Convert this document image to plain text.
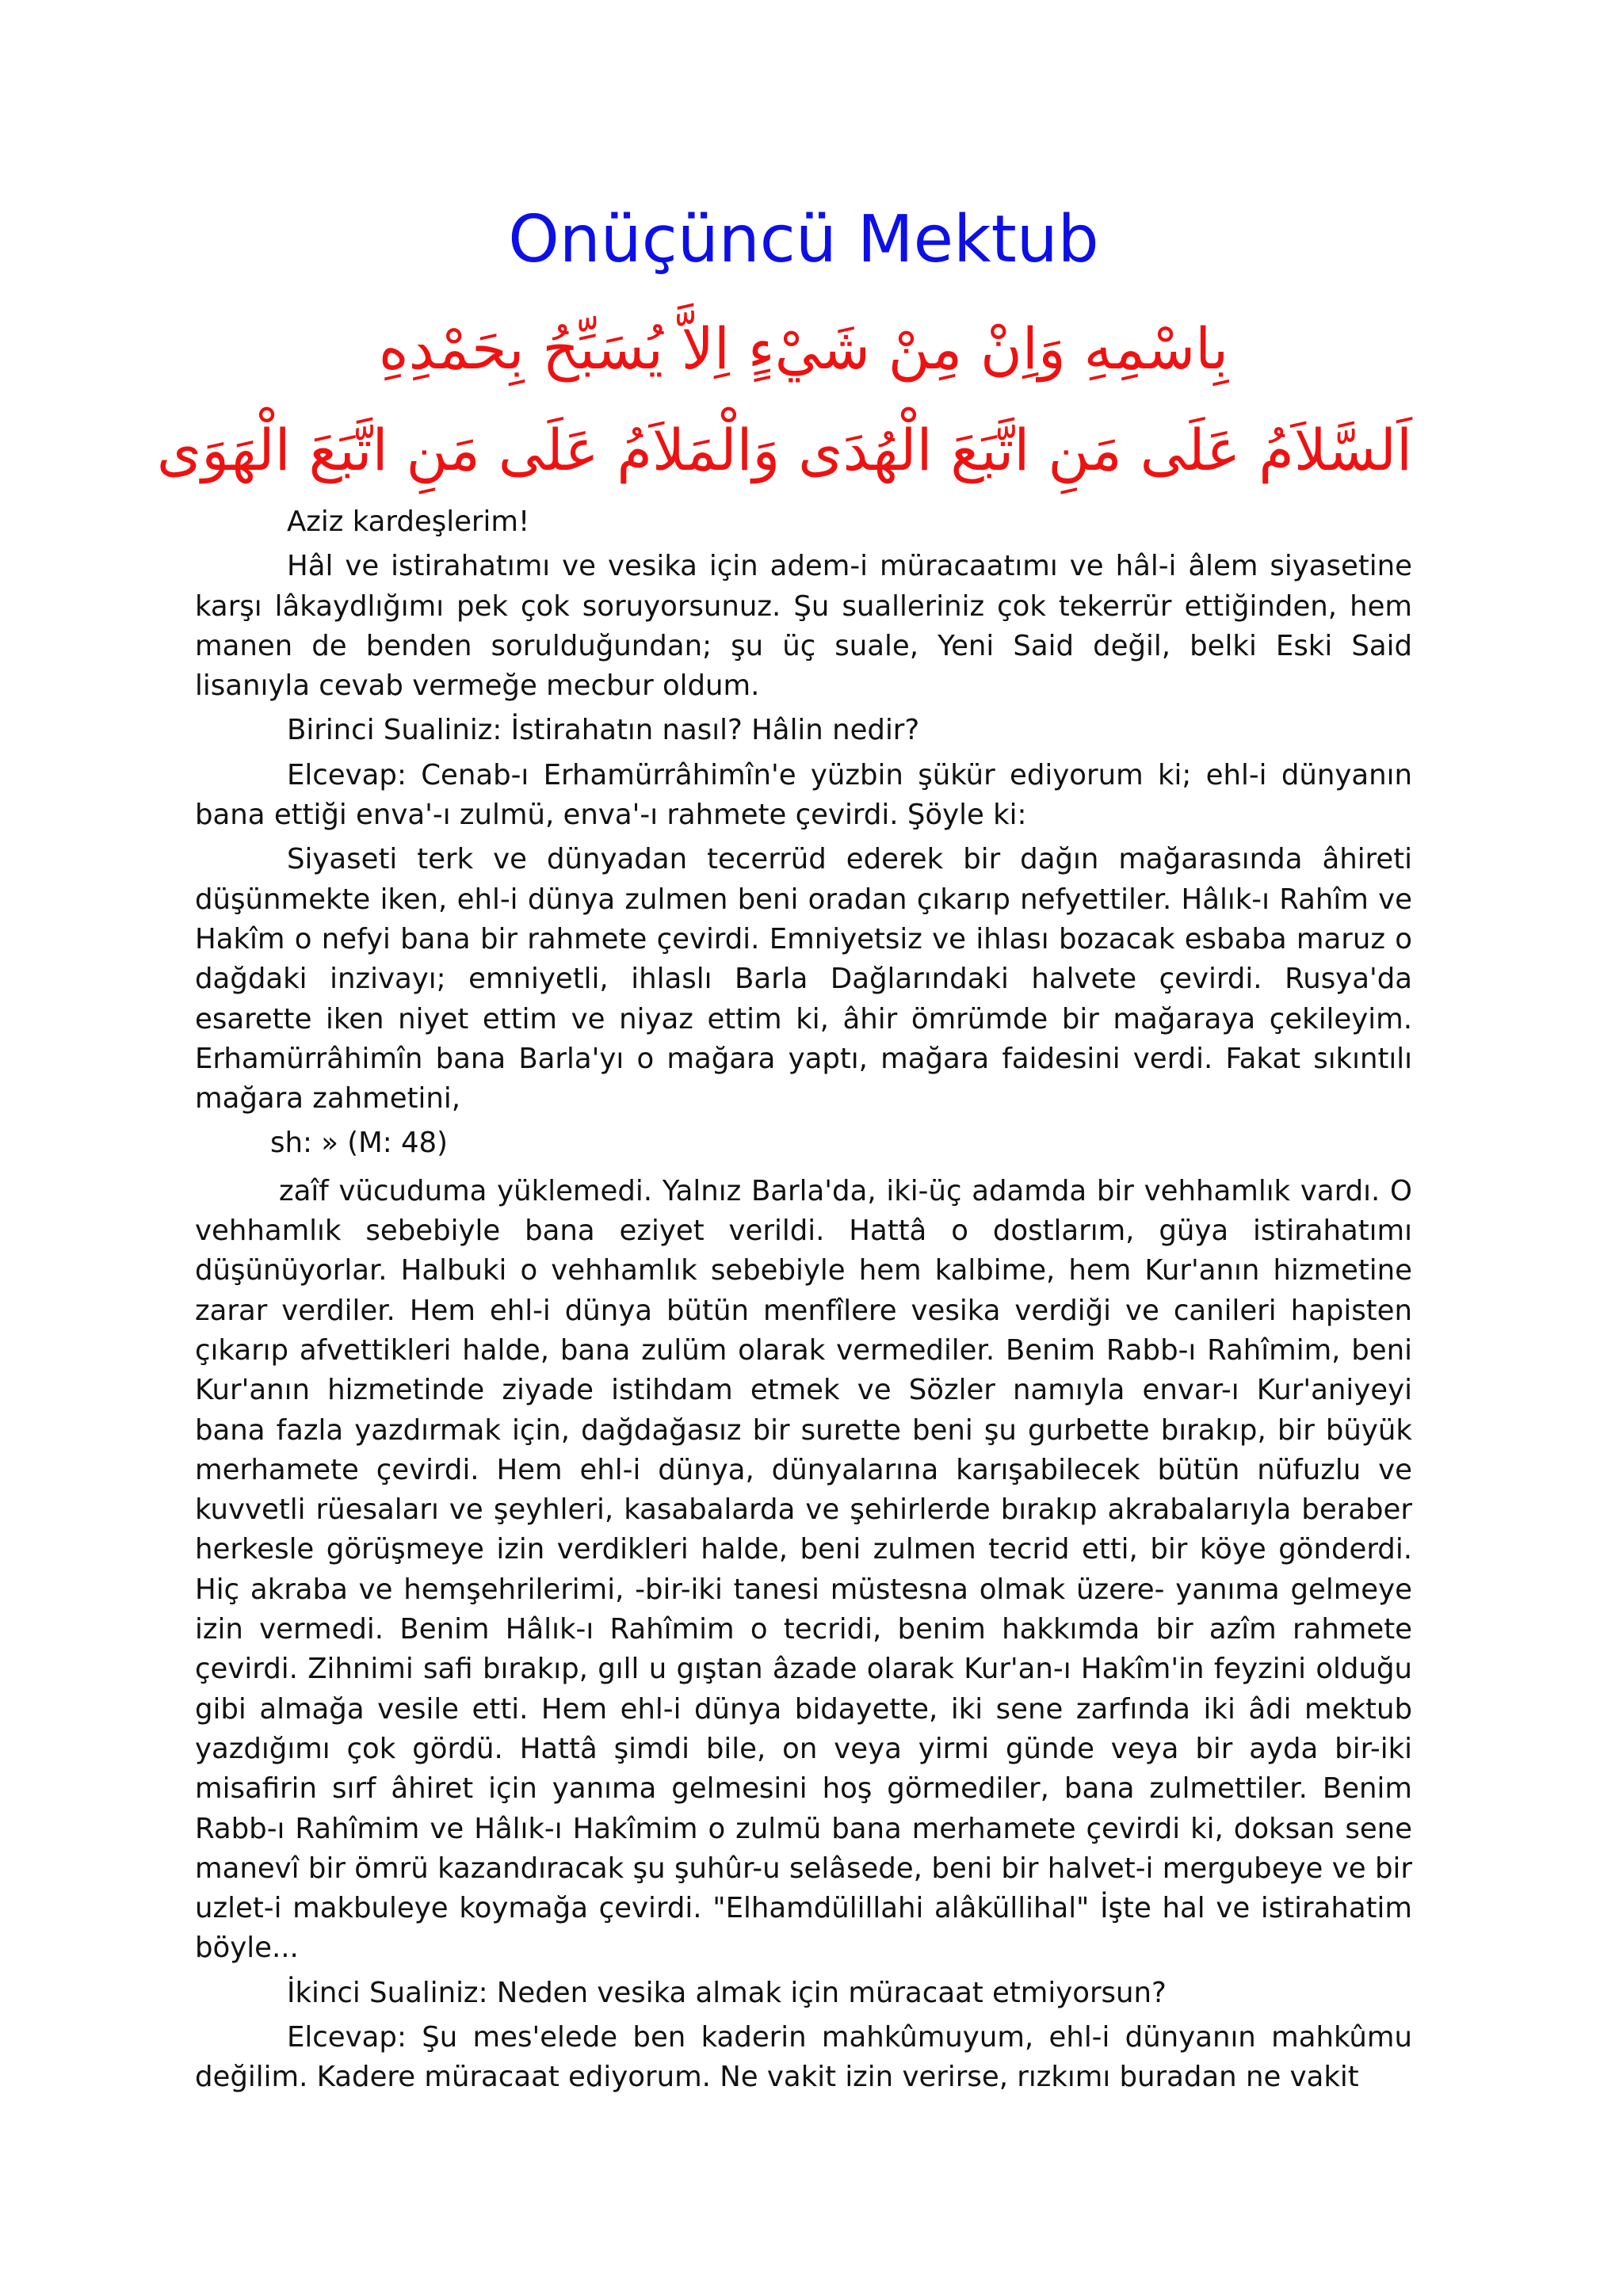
Onüçüncü Mektub
بِاسْمِهِ وَاِنْ مِنْ شَيْءٍ اِلاَّ يُسَبِّحُ بِحَمْدِهِ
اَلسَّلاَمُ عَلَى مَنِ اتَّبَعَ الْهُدَى وَالْمَلاَمُ عَلَى مَنِ اتَّبَعَ الْهَوَى

Aziz kardeşlerim!

Hâl ve istirahatımı ve vesika için adem-i müracaatımı ve hâl-i âlem siyasetine karşı lâkaydlığımı pek çok soruyorsunuz. Şu sualleriniz çok tekerrür ettiğinden, hem manen de benden sorulduğundan; şu üç suale, Yeni Said değil, belki Eski Said lisanıyla cevab vermeğe mecbur oldum.

Birinci Sualiniz: İstirahatın nasıl? Hâlin nedir?

Elcevap: Cenab-ı Erhamürrâhimîn'e yüzbin şükür ediyorum ki; ehl-i dünyanın bana ettiği enva'-ı zulmü, enva'-ı rahmete çevirdi. Şöyle ki:

Siyaseti terk ve dünyadan tecerrüd ederek bir dağın mağarasında âhireti düşünmekte iken, ehl-i dünya zulmen beni oradan çıkarıp nefyettiler. Hâlık-ı Rahîm ve Hakîm o nefyi bana bir rahmete çevirdi. Emniyetsiz ve ihlası bozacak esbaba maruz o dağdaki inzivayı; emniyetli, ihlaslı Barla Dağlarındaki halvete çevirdi. Rusya'da esarette iken niyet ettim ve niyaz ettim ki, âhir ömrümde bir mağaraya çekileyim. Erhamürrâhimîn bana Barla'yı o mağara yaptı, mağara faidesini verdi. Fakat sıkıntılı mağara zahmetini,

sh: » (M: 48)

zaîf vücuduma yüklemedi. Yalnız Barla'da, iki-üç adamda bir vehhamlık vardı. O vehhamlık sebebiyle bana eziyet verildi. Hattâ o dostlarım, güya istirahatımı düşünüyorlar. Halbuki o vehhamlık sebebiyle hem kalbime, hem Kur'anın hizmetine zarar verdiler. Hem ehl-i dünya bütün menfîlere vesika verdiği ve canileri hapisten çıkarıp afvettikleri halde, bana zulüm olarak vermediler. Benim Rabb-ı Rahîmim, beni Kur'anın hizmetinde ziyade istihdam etmek ve Sözler namıyla envar-ı Kur'aniyeyi bana fazla yazdırmak için, dağdağasız bir surette beni şu gurbette bırakıp, bir büyük merhamete çevirdi. Hem ehl-i dünya, dünyalarına karışabilecek bütün nüfuzlu ve kuvvetli rüesaları ve şeyhleri, kasabalarda ve şehirlerde bırakıp akrabalarıyla beraber herkesle görüşmeye izin verdikleri halde, beni zulmen tecrid etti, bir köye gönderdi. Hiç akraba ve hemşehrilerimi, -bir-iki tanesi müstesna olmak üzere- yanıma gelmeye izin vermedi. Benim Hâlık-ı Rahîmim o tecridi, benim hakkımda bir azîm rahmete çevirdi. Zihnimi safi bırakıp, gıll u gıştan âzade olarak Kur'an-ı Hakîm'in feyzini olduğu gibi almağa vesile etti. Hem ehl-i dünya bidayette, iki sene zarfında iki âdi mektub yazdığımı çok gördü. Hattâ şimdi bile, on veya yirmi günde veya bir ayda bir-iki misafirin sırf âhiret için yanıma gelmesini hoş görmediler, bana zulmettiler. Benim Rabb-ı Rahîmim ve Hâlık-ı Hakîmim o zulmü bana merhamete çevirdi ki, doksan sene manevî bir ömrü kazandıracak şu şuhûr-u selâsede, beni bir halvet-i mergubeye ve bir uzlet-i makbuleye koymağa çevirdi. "Elhamdülillahi alâküllihal" İşte hal ve istirahatim böyle...

İkinci Sualiniz: Neden vesika almak için müracaat etmiyorsun?

Elcevap: Şu mes'elede ben kaderin mahkûmuyum, ehl-i dünyanın mahkûmu değilim. Kadere müracaat ediyorum. Ne vakit izin verirse, rızkımı buradan ne vakit
